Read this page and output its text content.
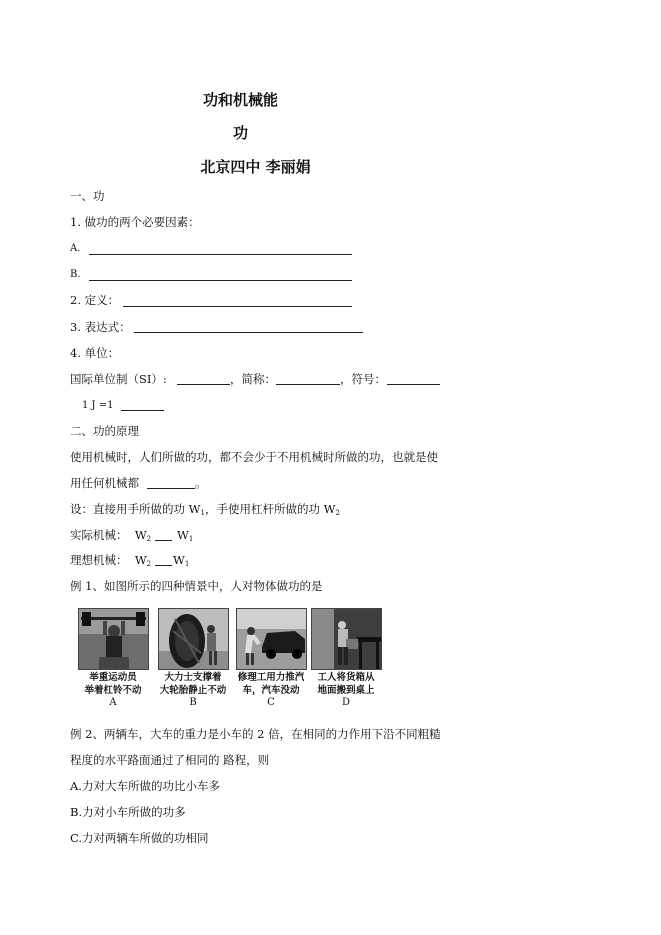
功和机械能
功
北京四中 李丽娟
一、功
1. 做功的两个必要因素：
A.
B.
2. 定义：
3. 表达式：
4. 单位：
国际单位制（SI）:	，简称：	，符号：
1 J =1
二、功的原理
使用机械时，人们所做的功，都不会少于不用机械时所做的功，也就是使
用任何机械都	。
设：直接用手所做的功 $W_1$，手使用杠杆所做的功 $W_2$
实际机械： $W_2$ $W_1$
理想机械： $W_2$ $W_1$
例 1、如图所示的四种情景中，人对物体做功的是
举重运动员
举着杠铃不动
大力士支撑着
大轮胎静止不动
修理工用力推汽
车，汽车没动
工人将货箱从
地面搬到桌上
A	B	C	D
例 2、两辆车，大车的重力是小车的 2 倍，在相同的力作用下沿不同粗糙
程度的水平路面通过了相同的 路程，则
A.力对大车所做的功比小车多
B.力对小车所做的功多
C.力对两辆车所做的功相同
